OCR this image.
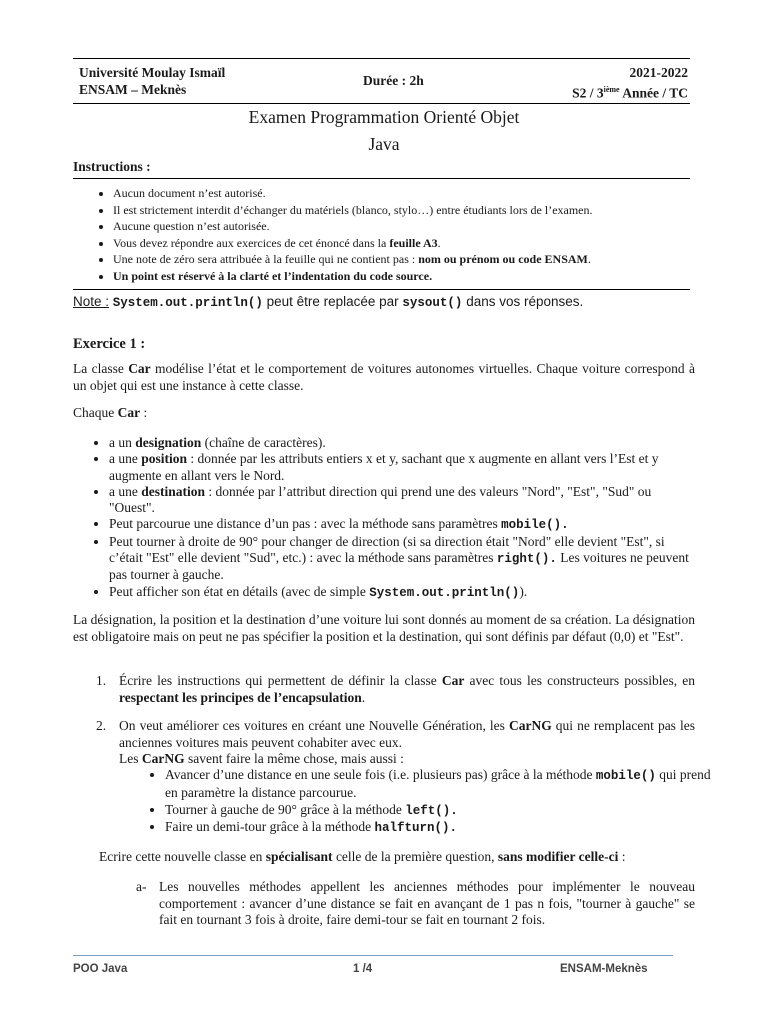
Université Moulay Ismaïl
ENSAM – Meknès
Durée : 2h
2021-2022
S2 / 3ième Année / TC
Examen Programmation Orienté Objet
Java
Instructions :
• Aucun document n’est autorisé.
• Il est strictement interdit d’échanger du matériels (blanco, stylo…) entre étudiants lors de l’examen.
• Aucune question n’est autorisée.
• Vous devez répondre aux exercices de cet énoncé dans la feuille A3.
• Une note de zéro sera attribuée à la feuille qui ne contient pas : nom ou prénom ou code ENSAM.
• Un point est réservé à la clarté et l’indentation du code source.
Note : System.out.println() peut être replacée par sysout() dans vos réponses.
Exercice 1 :

La classe Car modélise l’état et le comportement de voitures autonomes virtuelles. Chaque voiture correspond à un objet qui est une instance à cette classe.

Chaque Car :

• a un designation (chaîne de caractères).
• a une position : donnée par les attributs entiers x et y, sachant que x augmente en allant vers l’Est et y augmente en allant vers le Nord.
• a une destination : donnée par l’attribut direction qui prend une des valeurs "Nord", "Est", "Sud" ou "Ouest".
• Peut parcourue une distance d’un pas : avec la méthode sans paramètres mobile().
• Peut tourner à droite de 90° pour changer de direction (si sa direction était "Nord" elle devient "Est", si c’était "Est" elle devient "Sud", etc.) : avec la méthode sans paramètres right(). Les voitures ne peuvent pas tourner à gauche.
• Peut afficher son état en détails (avec de simple System.out.println()).

La désignation, la position et la destination d’une voiture lui sont donnés au moment de sa création. La désignation est obligatoire mais on peut ne pas spécifier la position et la destination, qui sont définis par défaut (0,0) et "Est".

1. Écrire les instructions qui permettent de définir la classe Car avec tous les constructeurs possibles, en respectant les principes de l’encapsulation.
2. On veut améliorer ces voitures en créant une Nouvelle Génération, les CarNG qui ne remplacent pas les anciennes voitures mais peuvent cohabiter avec eux.
Les CarNG savent faire la même chose, mais aussi :
• Avancer d’une distance en une seule fois (i.e. plusieurs pas) grâce à la méthode mobile() qui prend en paramètre la distance parcourue.
• Tourner à gauche de 90° grâce à la méthode left().
• Faire un demi-tour grâce à la méthode halfturn().
Ecrire cette nouvelle classe en spécialisant celle de la première question, sans modifier celle-ci :
a- Les nouvelles méthodes appellent les anciennes méthodes pour implémenter le nouveau comportement : avancer d’une distance se fait en avançant de 1 pas n fois, "tourner à gauche" se fait en tournant 3 fois à droite, faire demi-tour se fait en tournant 2 fois.
POO Java	1 /4	ENSAM-Meknès
